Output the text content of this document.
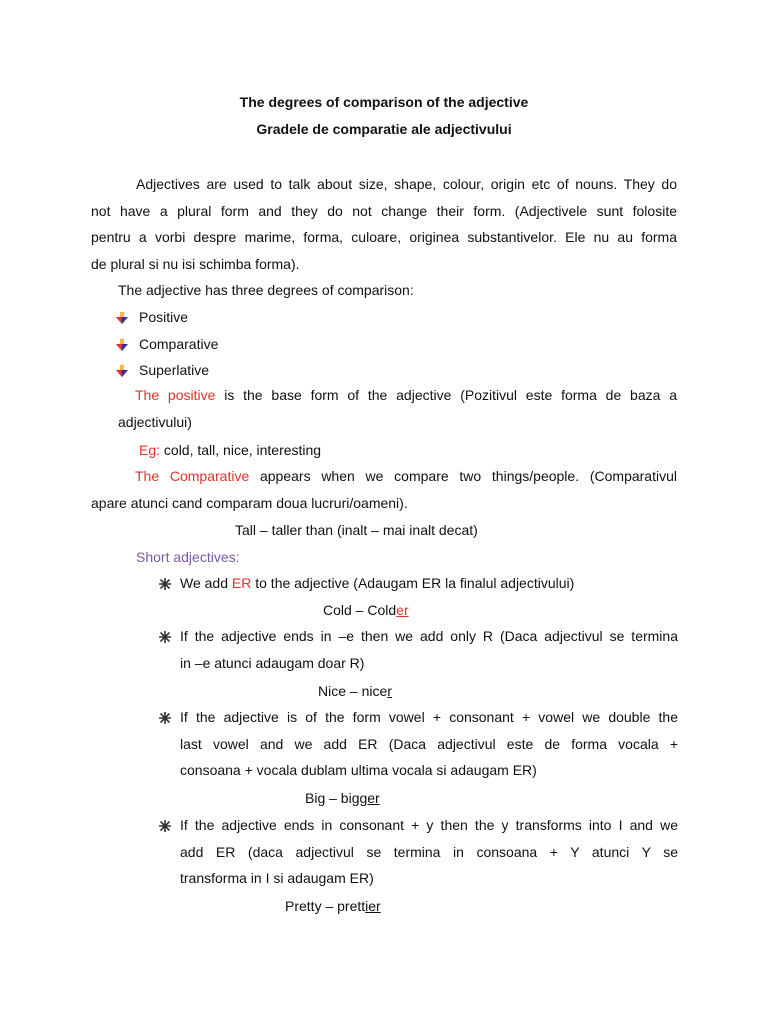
The degrees of comparison of the adjective
Gradele de comparatie ale adjectivului
Adjectives are used to talk about size, shape, colour, origin etc of nouns. They do
not have a plural form and they do not change their form. (Adjectivele sunt folosite
pentru a vorbi despre marime, forma, culoare, originea substantivelor. Ele nu au forma
de plural si nu isi schimba forma).
The adjective has three degrees of comparison:
Positive
Comparative
Superlative
The positive is the base form of the adjective (Pozitivul este forma de baza a
adjectivului)
Eg: cold, tall, nice, interesting
The Comparative appears when we compare two things/people. (Comparativul
apare atunci cand comparam doua lucruri/oameni).
Tall – taller than (inalt – mai inalt decat)
Short adjectives:
We add ER to the adjective (Adaugam ER la finalul adjectivului)
Cold – Colder
If the adjective ends in –e then we add only R (Daca adjectivul se termina
in –e atunci adaugam doar R)
Nice – nicer
If the adjective is of the form vowel + consonant + vowel we double the
last vowel and we add ER (Daca adjectivul este de forma vocala +
consoana + vocala dublam ultima vocala si adaugam ER)
Big – bigger
If the adjective ends in consonant + y then the y transforms into I and we
add ER (daca adjectivul se termina in consoana + Y atunci Y se
transforma in I si adaugam ER)
Pretty – prettier
